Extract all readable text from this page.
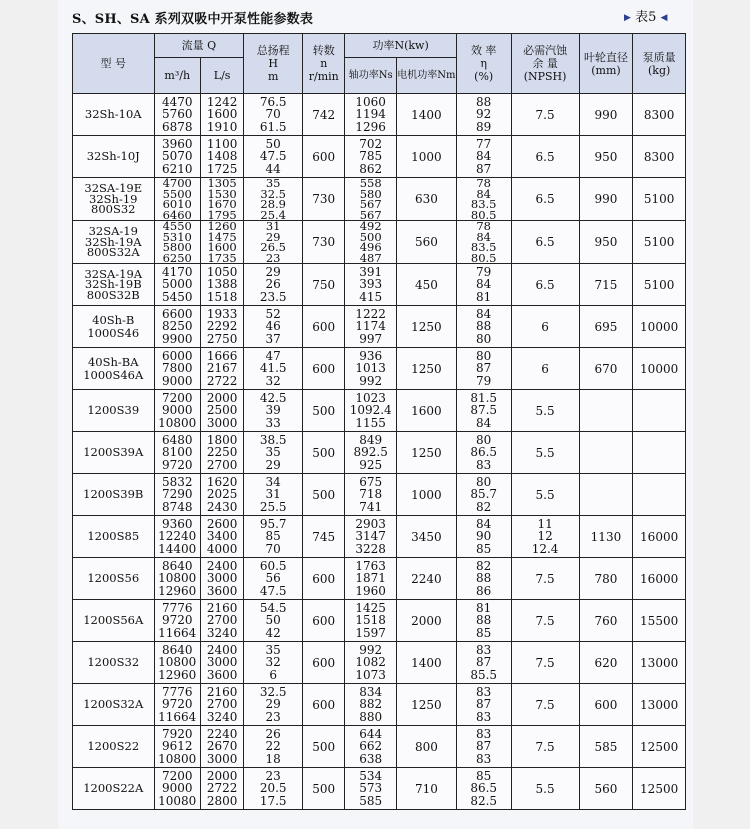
S、SH、SA 系列双吸中开泵性能参数表	▶ 表5 ◀
型 号	流量 Q		总扬程
H
m	转数
n
r/min	功率N(kw)		效 率
η
(%)	必需汽蚀
余 量
(NPSH)	叶轮直径
(mm)	泵质量
(kg)

	m³/h	L/s			轴功率Ns	电机功率Nm				

32Sh-10A	4470
5760
6878	1242
1600
1910	76.5
70
61.5	742	1060
1194
1296	1400	88
92
89	7.5	990	8300

32Sh-10J	3960
5070
6210	1100
1408
1725	50
47.5
44	600	702
785
862	1000	77
84
87	6.5	950	8300

32SA-19E
32Sh-19
800S32	4700
5500
6010
6460	1305
1530
1670
1795	35
32.5
28.9
25.4	730	558
580
567
567	630	78
84
83.5
80.5	6.5	990	5100

32SA-19
32Sh-19A
800S32A	4550
5310
5800
6250	1260
1475
1600
1735	31
29
26.5
23	730	492
500
496
487	560	78
84
83.5
80.5	6.5	950	5100

32SA-19A
32Sh-19B
800S32B	4170
5000
5450	1050
1388
1518	29
26
23.5	750	391
393
415	450	79
84
81	6.5	715	5100

40Sh-B
1000S46	6600
8250
9900	1933
2292
2750	52
46
37	600	1222
1174
997	1250	84
88
80	6	695	10000

40Sh-BA
1000S46A	6000
7800
9000	1666
2167
2722	47
41.5
32	600	936
1013
992	1250	80
87
79	6	670	10000

1200S39	7200
9000
10800	2000
2500
3000	42.5
39
33	500	1023
1092.4
1155	1600	81.5
87.5
84	5.5		

1200S39A	6480
8100
9720	1800
2250
2700	38.5
35
29	500	849
892.5
925	1250	80
86.5
83	5.5		

1200S39B	5832
7290
8748	1620
2025
2430	34
31
25.5	500	675
718
741	1000	80
85.7
82	5.5		

1200S85	9360
12240
14400	2600
3400
4000	95.7
85
70	745	2903
3147
3228	3450	84
90
85	11
12
12.4	1130	16000

1200S56	8640
10800
12960	2400
3000
3600	60.5
56
47.5	600	1763
1871
1960	2240	82
88
86	7.5	780	16000

1200S56A	7776
9720
11664	2160
2700
3240	54.5
50
42	600	1425
1518
1597	2000	81
88
85	7.5	760	15500

1200S32	8640
10800
12960	2400
3000
3600	35
32
6	600	992
1082
1073	1400	83
87
85.5	7.5	620	13000

1200S32A	7776
9720
11664	2160
2700
3240	32.5
29
23	600	834
882
880	1250	83
87
83	7.5	600	13000

1200S22	7920
9612
10800	2240
2670
3000	26
22
18	500	644
662
638	800	83
87
83	7.5	585	12500

1200S22A	7200
9000
10080	2000
2722
2800	23
20.5
17.5	500	534
573
585	710	85
86.5
82.5	5.5	560	12500
